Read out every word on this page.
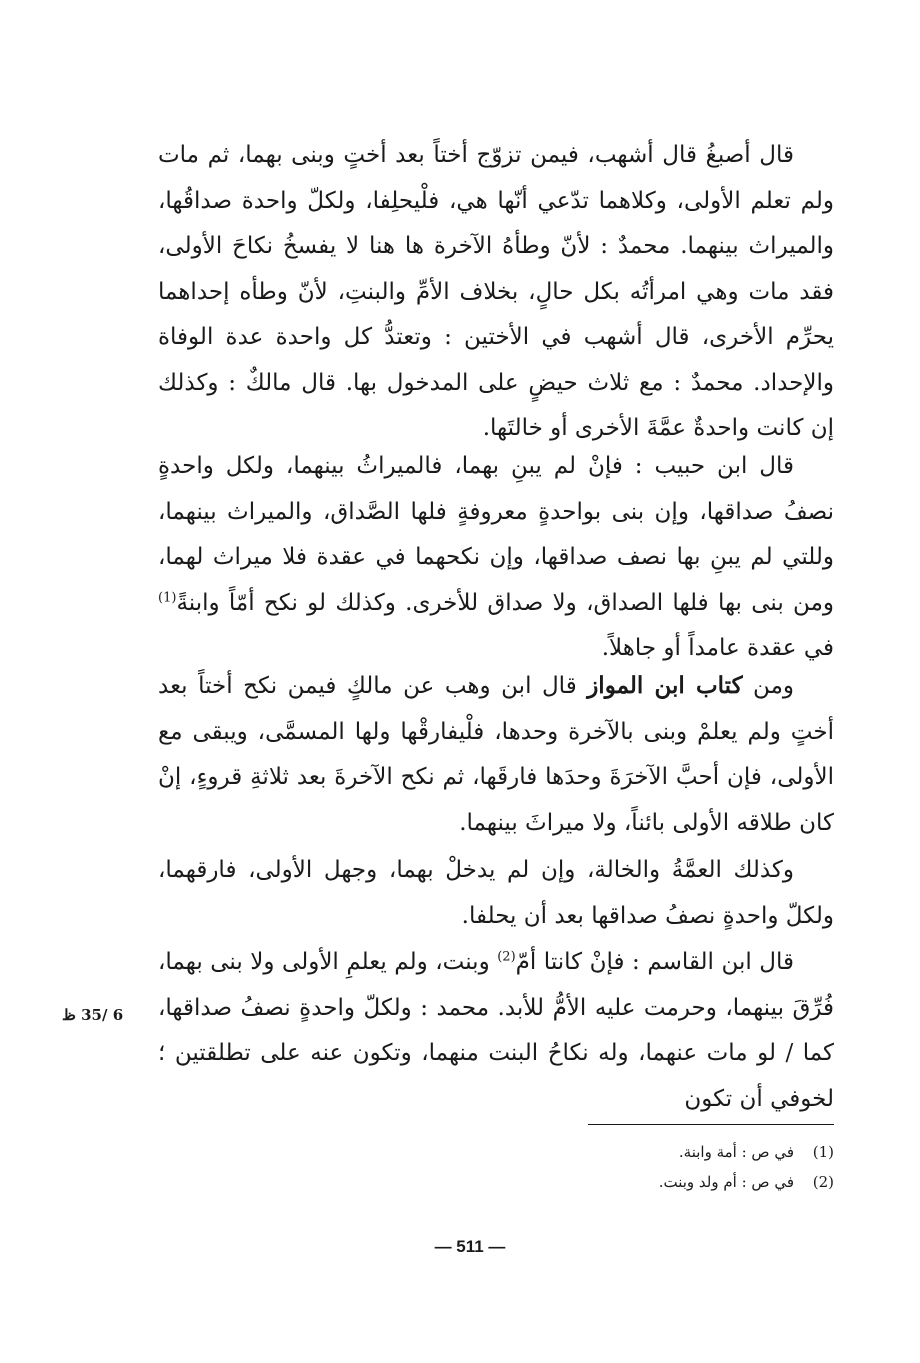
قال أصبغُ قال أشهب، فيمن تزوّج أختاً بعد أختٍ وبنى بهما، ثم مات ولم تعلم الأولى، وكلاهما تدّعي أنّها هي، فلْيحلِفا، ولكلّ واحدة صداقُها، والميراث بينهما. محمدٌ : لأنّ وطأهُ الآخرة ها هنا لا يفسخُ نكاحَ الأولى، فقد مات وهي امرأتُه بكل حالٍ، بخلاف الأمِّ والبنتِ، لأنّ وطأه إحداهما يحرِّم الأخرى، قال أشهب في الأختين : وتعتدُّ كل واحدة عدة الوفاة والإحداد. محمدٌ : مع ثلاث حيضٍ على المدخول بها. قال مالكٌ : وكذلك إن كانت واحدةٌ عمَّةَ الأخرى أو خالتَها.

قال ابن حبيب : فإنْ لم يبنِ بهما، فالميراثُ بينهما، ولكل واحدةٍ نصفُ صداقها، وإن بنى بواحدةٍ معروفةٍ فلها الصَّداق، والميراث بينهما، وللتي لم يبنِ بها نصف صداقها، وإن نكحهما في عقدة فلا ميراث لهما، ومن بنى بها فلها الصداق، ولا صداق للأخرى. وكذلك لو نكح أمّاً وابنةً$^{(1)}$ في عقدة عامداً أو جاهلاً.

ومن كتاب ابن المواز قال ابن وهب عن مالكٍ فيمن نكح أختاً بعد أختٍ ولم يعلمْ وبنى بالآخرة وحدها، فلْيفارقْها ولها المسمَّى، ويبقى مع الأولى، فإن أحبَّ الآخرَةَ وحدَها فارقَها، ثم نكح الآخرةَ بعد ثلاثةِ قروءٍ، إنْ كان طلاقه الأولى بائناً، ولا ميراثَ بينهما.

وكذلك العمَّةُ والخالة، وإن لم يدخلْ بهما، وجهل الأولى، فارقهما، ولكلّ واحدةٍ نصفُ صداقها بعد أن يحلفا.

قال ابن القاسم : فإنْ كانتا أمّ$^{(2)}$ وبنت، ولم يعلمِ الأولى ولا بنى بهما، فُرِّقَ بينهما، وحرمت عليه الأمُّ للأبد. محمد : ولكلّ واحدةٍ نصفُ صداقها، كما / لو مات عنهما، وله نكاحُ البنت منهما، وتكون عنه على تطلقتين ؛ لخوفي أن تكون

6 /35 ظ
(1)
في ص : أمة وابنة.
(2)
في ص : أم ولد وبنت.
— 511 —
